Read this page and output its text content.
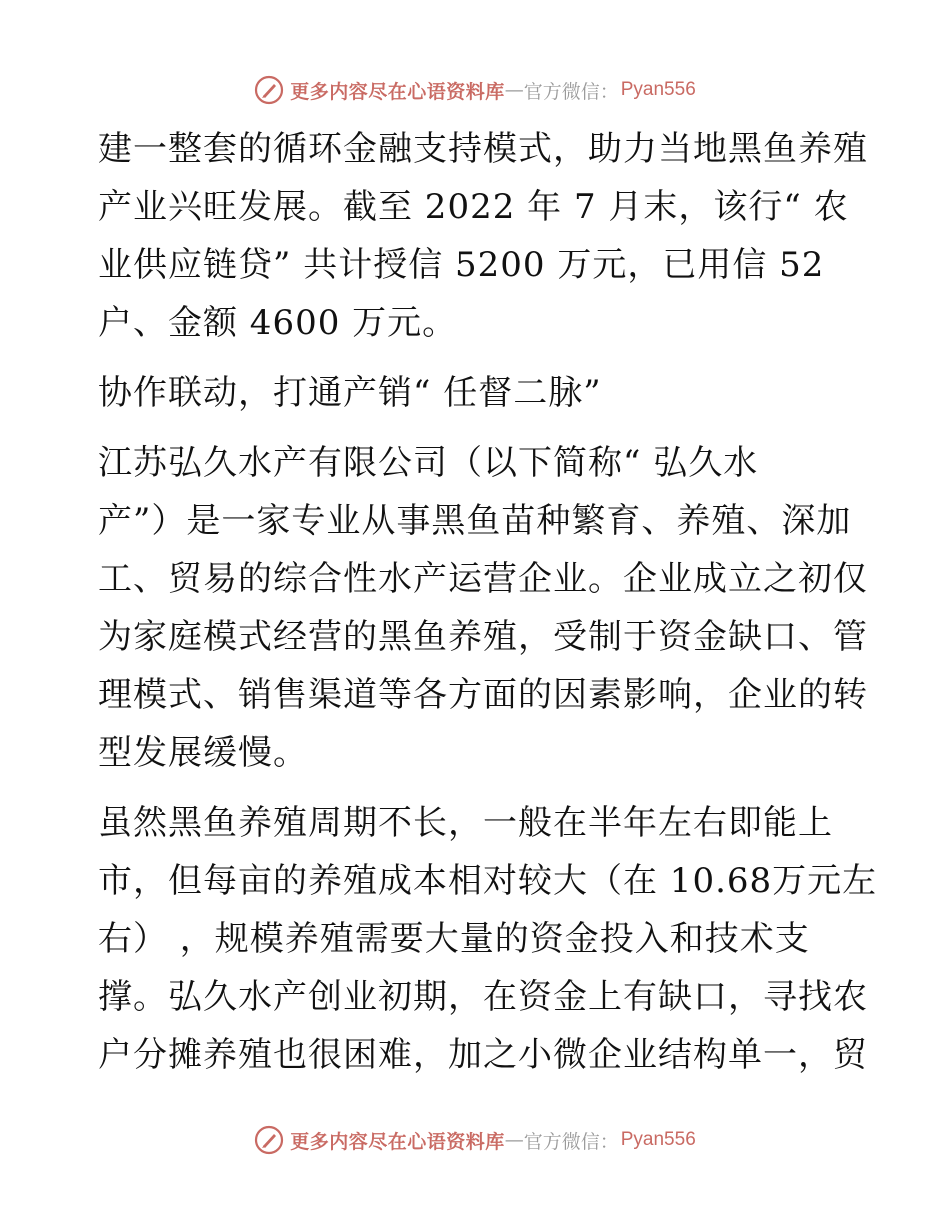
更多内容尽在心语资料库 — 官方微信： Pyan556
建一整套的循环金融支持模式，助力当地黑鱼养殖
产业兴旺发展。截至 2022 年 7 月末，该行“ 农
业供应链贷” 共计授信 5200 万元，已用信 52
户、金额 4600 万元。
协作联动，打通产销“ 任督二脉”
江苏弘久水产有限公司（以下简称“ 弘久水
产”）是一家专业从事黑鱼苗种繁育、养殖、深加
工、贸易的综合性水产运营企业。企业成立之初仅
为家庭模式经营的黑鱼养殖，受制于资金缺口、管
理模式、销售渠道等各方面的因素影响，企业的转
型发展缓慢。
虽然黑鱼养殖周期不长，一般在半年左右即能上
市，但每亩的养殖成本相对较大（在 10.68万元左
右） ，规模养殖需要大量的资金投入和技术支
撑。弘久水产创业初期，在资金上有缺口，寻找农
户分摊养殖也很困难，加之小微企业结构单一，贸
更多内容尽在心语资料库 — 官方微信： Pyan556
